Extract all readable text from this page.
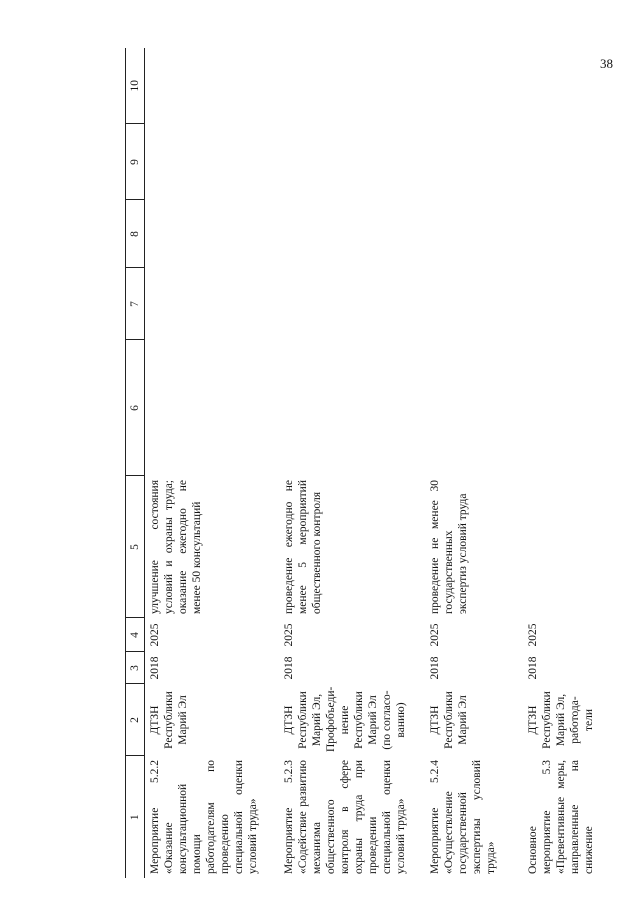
38
1	2	3	4	5	6	7	8	9	10
Мероприятие 5.2.2 «Оказание консультационной помощи работодателям по проведению специальной оценки условий труда»	ДТЗН Республики Марий Эл	2018	2025	улучшение состояния условий и охраны труда; оказание ежегодно не менее 50 консультаций					
Мероприятие 5.2.3 «Содействие развитию механизма общественного контроля в сфере охраны труда при проведении специальной оценки условий труда»	ДТЗН Республики Марий Эл, Профобъеди-нение Республики Марий Эл (по согласо-ванию)	2018	2025	проведение ежегодно не менее 5 мероприятий общественного контроля					
Мероприятие 5.2.4 «Осуществление государственной экспертизы условий труда»	ДТЗН Республики Марий Эл	2018	2025	проведение не менее 30 государственных экспертиз условий труда					
Основное мероприятие 5.3 «Превентивные меры, направленные на снижение	ДТЗН Республики Марий Эл, работода-тели	2018	2025						
